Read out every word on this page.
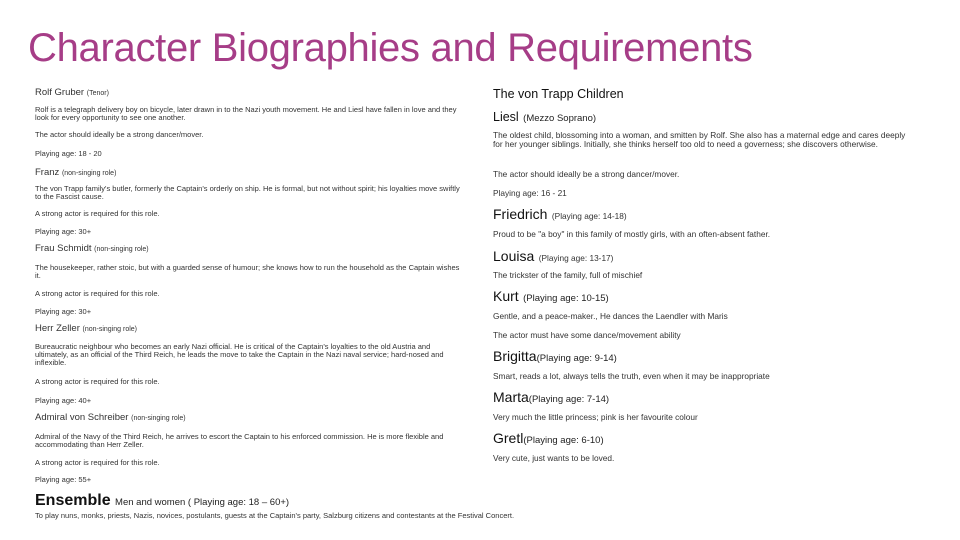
Character Biographies and Requirements
Rolf Gruber (Tenor)
Rolf is a telegraph delivery boy on bicycle, later drawn in to the Nazi youth movement. He and Liesl have fallen in love and they look for every opportunity to see one another.
The actor should ideally be a strong dancer/mover.
Playing age: 18 - 20
Franz (non-singing role)
The von Trapp family's butler, formerly the Captain's orderly on ship. He is formal, but not without spirit; his loyalties move swiftly to the Fascist cause.
A strong actor is required for this role.
Playing age: 30+
Frau Schmidt (non-singing role)
The housekeeper, rather stoic, but with a guarded sense of humour; she knows how to run the household as the Captain wishes it.
A strong actor is required for this role.
Playing age: 30+
Herr Zeller (non-singing role)
Bureaucratic neighbour who becomes an early Nazi official. He is critical of the Captain's loyalties to the old Austria and ultimately, as an official of the Third Reich, he leads the move to take the Captain in the Nazi naval service; hard-nosed and inflexible.
A strong actor is required for this role.
Playing age: 40+
Admiral von Schreiber (non-singing role)
Admiral of the Navy of the Third Reich, he arrives to escort the Captain to his enforced commission. He is more flexible and accommodating than Herr Zeller.
A strong actor is required for this role.
Playing age: 55+
The von Trapp Children
Liesl (Mezzo Soprano)
The oldest child, blossoming into a woman, and smitten by Rolf. She also has a maternal edge and cares deeply for her younger siblings. Initially, she thinks herself too old to need a governess; she discovers otherwise.
The actor should ideally be a strong dancer/mover.
Playing age: 16 - 21
Friedrich (Playing age: 14-18)
Proud to be "a boy" in this family of mostly girls, with an often-absent father.
Louisa (Playing age: 13-17)
The trickster of the family, full of mischief
Kurt (Playing age: 10-15)
Gentle, and a peace-maker., He dances the Laendler with Maris
The actor must have some dance/movement ability
Brigitta(Playing age: 9-14)
Smart, reads a lot, always tells the truth, even when it may be inappropriate
Marta(Playing age: 7-14)
Very much the little princess; pink is her favourite colour
Gretl(Playing age: 6-10)
Very cute, just wants to be loved.
Ensemble Men and women ( Playing age: 18 – 60+)
To play nuns, monks, priests, Nazis, novices, postulants, guests at the Captain's party, Salzburg citizens and contestants at the Festival Concert.
